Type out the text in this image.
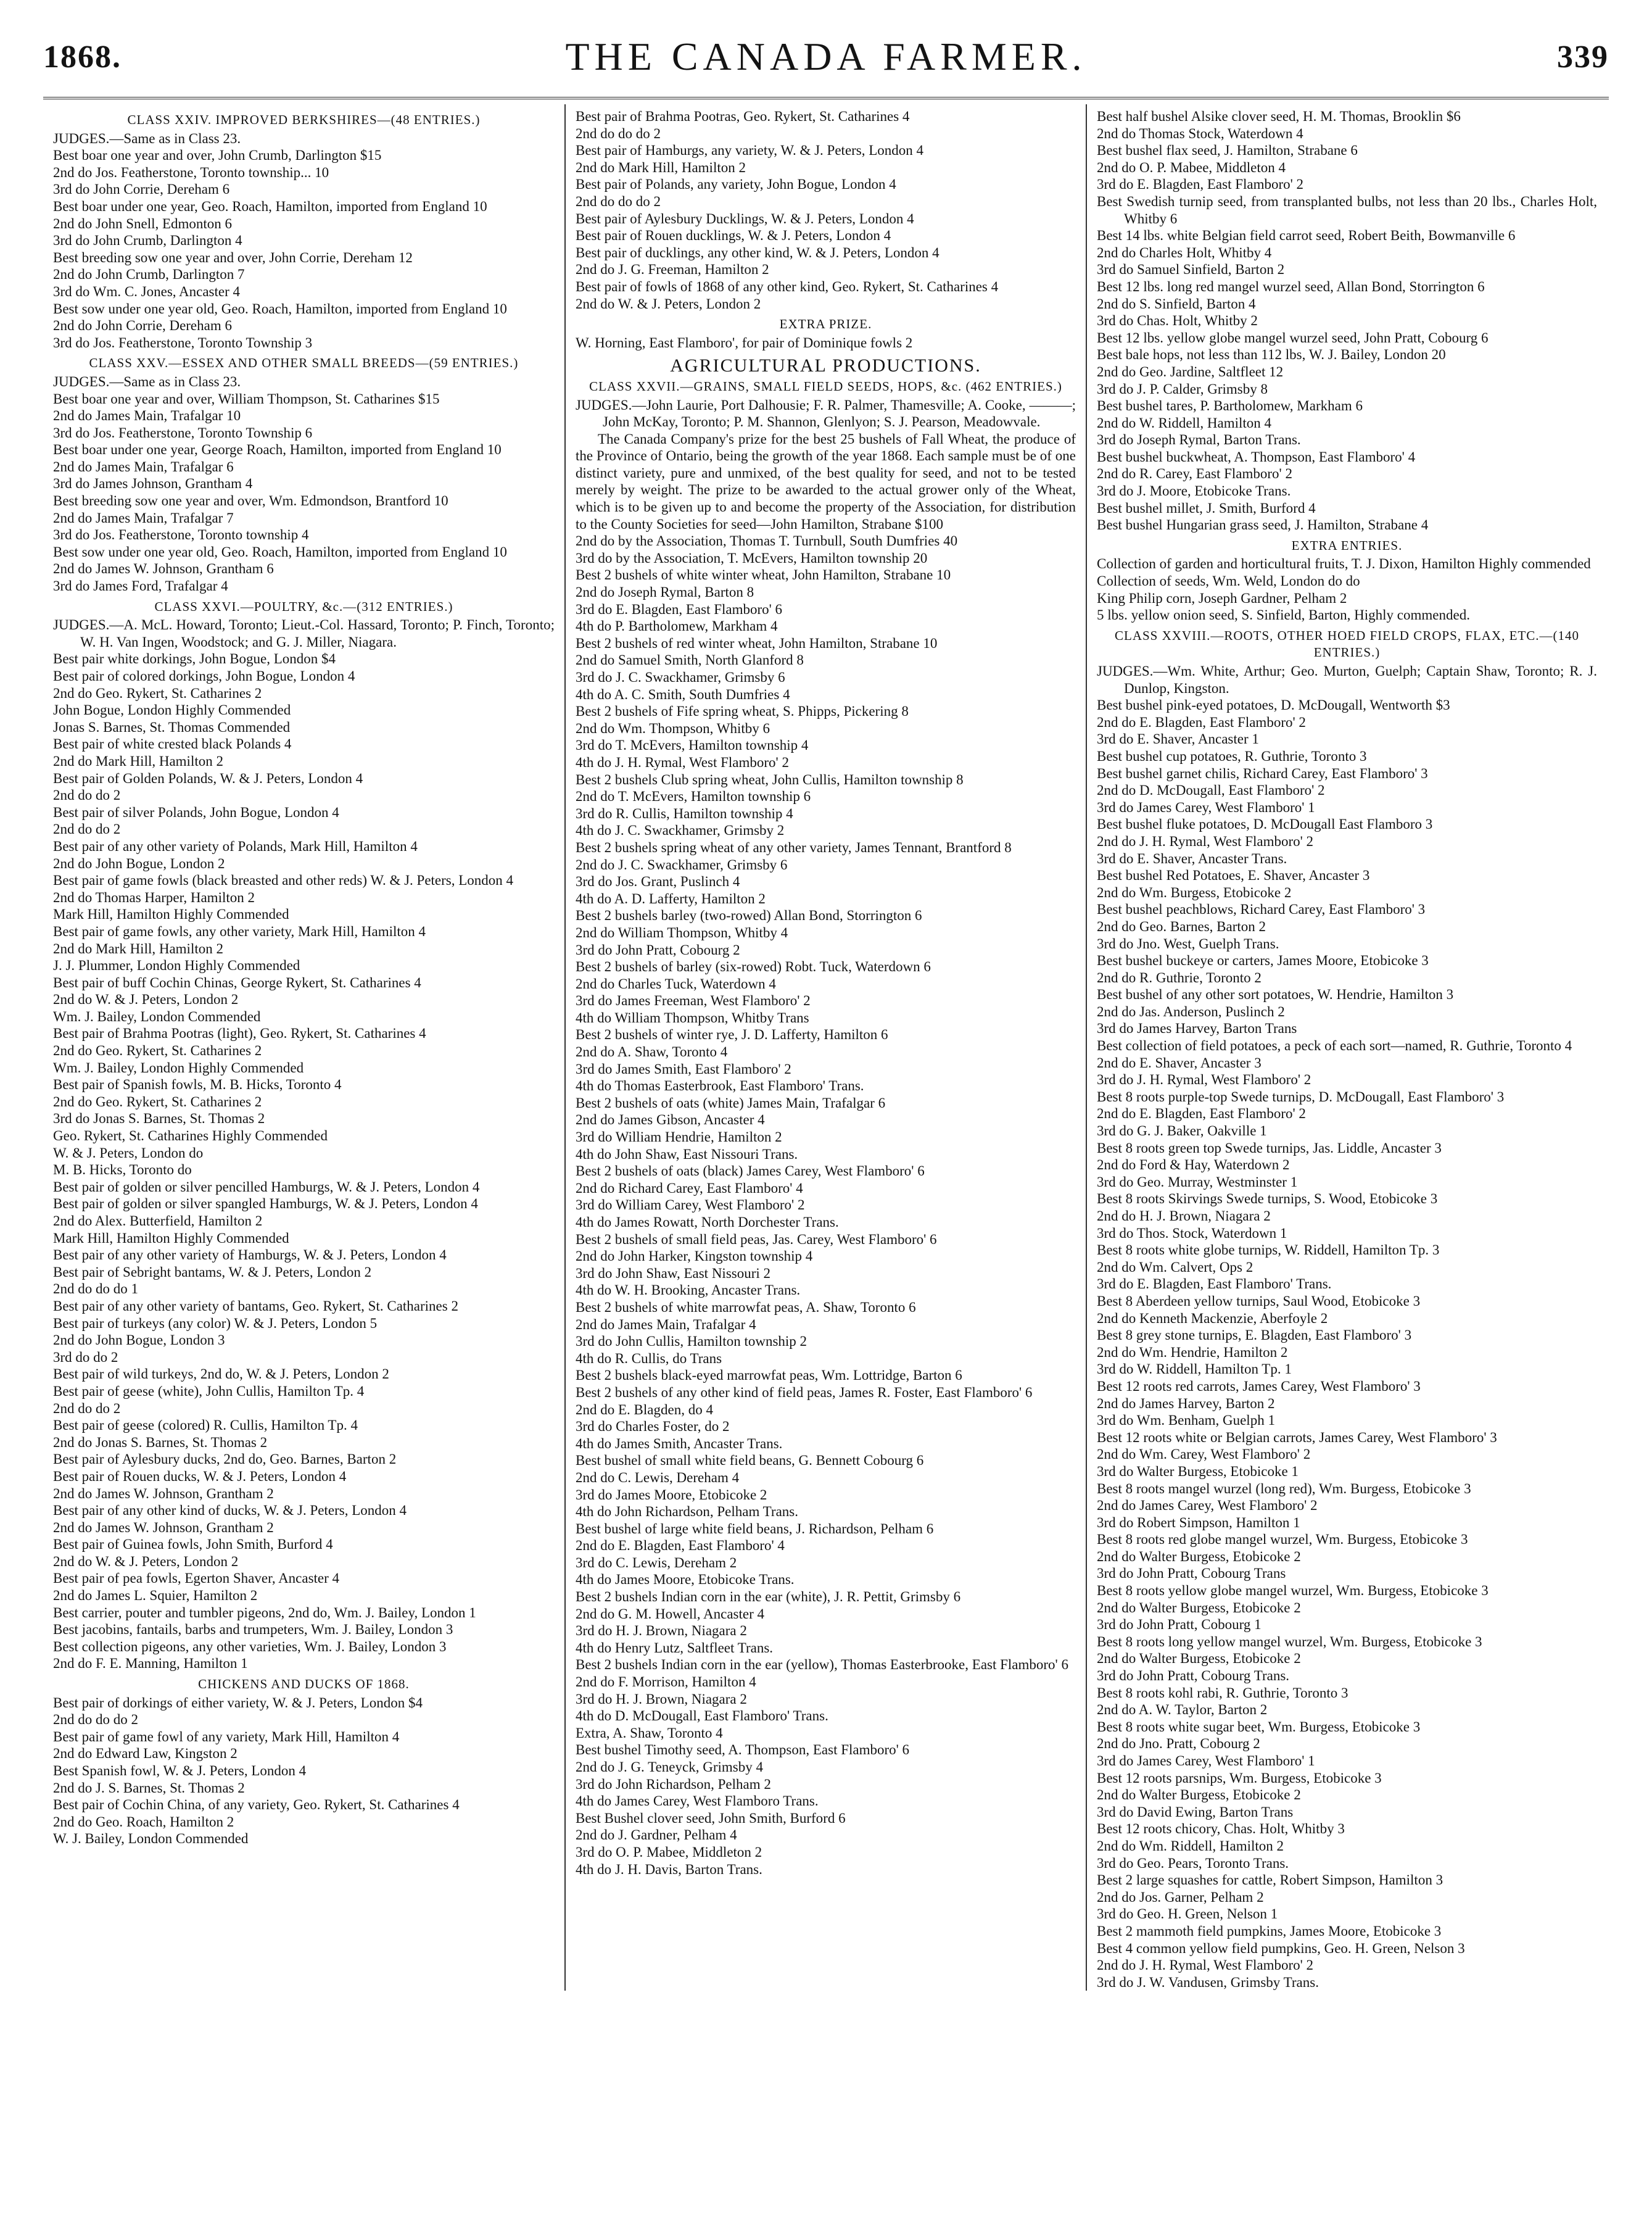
1868.	THE CANADA FARMER.	339

CLASS XXIV. IMPROVED BERKSHIRES—(48 ENTRIES.)

JUDGES.—Same as in Class 23.

Best boar one year and over, John Crumb, Darlington $15

2nd do Jos. Featherstone, Toronto township... 10

3rd do John Corrie, Dereham 6

Best boar under one year, Geo. Roach, Hamilton, imported from England 10

2nd do John Snell, Edmonton 6

3rd do John Crumb, Darlington 4

Best breeding sow one year and over, John Corrie, Dereham 12

2nd do John Crumb, Darlington 7

3rd do Wm. C. Jones, Ancaster 4

Best sow under one year old, Geo. Roach, Hamilton, imported from England 10

2nd do John Corrie, Dereham 6

3rd do Jos. Featherstone, Toronto Township 3

CLASS XXV.—ESSEX AND OTHER SMALL BREEDS—(59 ENTRIES.)

JUDGES.—Same as in Class 23.

Best boar one year and over, William Thompson, St. Catharines $15

2nd do James Main, Trafalgar 10

3rd do Jos. Featherstone, Toronto Township 6

Best boar under one year, George Roach, Hamilton, imported from England 10

2nd do James Main, Trafalgar 6

3rd do James Johnson, Grantham 4

Best breeding sow one year and over, Wm. Edmondson, Brantford 10

2nd do James Main, Trafalgar 7

3rd do Jos. Featherstone, Toronto township 4

Best sow under one year old, Geo. Roach, Hamilton, imported from England 10

2nd do James W. Johnson, Grantham 6

3rd do James Ford, Trafalgar 4

CLASS XXVI.—POULTRY, &c.—(312 ENTRIES.)

JUDGES.—A. McL. Howard, Toronto; Lieut.-Col. Hassard, Toronto; P. Finch, Toronto; W. H. Van Ingen, Woodstock; and G. J. Miller, Niagara.

Best pair white dorkings, John Bogue, London $4

Best pair of colored dorkings, John Bogue, London 4

2nd do Geo. Rykert, St. Catharines 2

John Bogue, London Highly Commended

Jonas S. Barnes, St. Thomas Commended

Best pair of white crested black Polands 4

2nd do Mark Hill, Hamilton 2

Best pair of Golden Polands, W. & J. Peters, London 4

2nd do do 2

Best pair of silver Polands, John Bogue, London 4

2nd do do 2

Best pair of any other variety of Polands, Mark Hill, Hamilton 4

2nd do John Bogue, London 2

Best pair of game fowls (black breasted and other reds) W. & J. Peters, London 4

2nd do Thomas Harper, Hamilton 2

Mark Hill, Hamilton Highly Commended

Best pair of game fowls, any other variety, Mark Hill, Hamilton 4

2nd do Mark Hill, Hamilton 2

J. J. Plummer, London Highly Commended

Best pair of buff Cochin Chinas, George Rykert, St. Catharines 4

2nd do W. & J. Peters, London 2

Wm. J. Bailey, London Commended

Best pair of Brahma Pootras (light), Geo. Rykert, St. Catharines 4

2nd do Geo. Rykert, St. Catharines 2

Wm. J. Bailey, London Highly Commended

Best pair of Spanish fowls, M. B. Hicks, Toronto 4

2nd do Geo. Rykert, St. Catharines 2

3rd do Jonas S. Barnes, St. Thomas 2

Geo. Rykert, St. Catharines Highly Commended

W. & J. Peters, London do

M. B. Hicks, Toronto do

Best pair of golden or silver pencilled Hamburgs, W. & J. Peters, London 4

Best pair of golden or silver spangled Hamburgs, W. & J. Peters, London 4

2nd do Alex. Butterfield, Hamilton 2

Mark Hill, Hamilton Highly Commended

Best pair of any other variety of Hamburgs, W. & J. Peters, London 4

Best pair of Sebright bantams, W. & J. Peters, London 2

2nd do do do 1

Best pair of any other variety of bantams, Geo. Rykert, St. Catharines 2

Best pair of turkeys (any color) W. & J. Peters, London 5

2nd do John Bogue, London 3

3rd do do 2

Best pair of wild turkeys, 2nd do, W. & J. Peters, London 2

Best pair of geese (white), John Cullis, Hamilton Tp. 4

2nd do do 2

Best pair of geese (colored) R. Cullis, Hamilton Tp. 4

2nd do Jonas S. Barnes, St. Thomas 2

Best pair of Aylesbury ducks, 2nd do, Geo. Barnes, Barton 2

Best pair of Rouen ducks, W. & J. Peters, London 4

2nd do James W. Johnson, Grantham 2

Best pair of any other kind of ducks, W. & J. Peters, London 4

2nd do James W. Johnson, Grantham 2

Best pair of Guinea fowls, John Smith, Burford 4

2nd do W. & J. Peters, London 2

Best pair of pea fowls, Egerton Shaver, Ancaster 4

2nd do James L. Squier, Hamilton 2

Best carrier, pouter and tumbler pigeons, 2nd do, Wm. J. Bailey, London 1

Best jacobins, fantails, barbs and trumpeters, Wm. J. Bailey, London 3

Best collection pigeons, any other varieties, Wm. J. Bailey, London 3

2nd do F. E. Manning, Hamilton 1

CHICKENS AND DUCKS OF 1868.

Best pair of dorkings of either variety, W. & J. Peters, London $4

2nd do do do 2

Best pair of game fowl of any variety, Mark Hill, Hamilton 4

2nd do Edward Law, Kingston 2

Best Spanish fowl, W. & J. Peters, London 4

2nd do J. S. Barnes, St. Thomas 2

Best pair of Cochin China, of any variety, Geo. Rykert, St. Catharines 4

2nd do Geo. Roach, Hamilton 2

W. J. Bailey, London Commended

Best pair of Brahma Pootras, Geo. Rykert, St. Catharines 4

2nd do do do 2

Best pair of Hamburgs, any variety, W. & J. Peters, London 4

2nd do Mark Hill, Hamilton 2

Best pair of Polands, any variety, John Bogue, London 4

2nd do do do 2

Best pair of Aylesbury Ducklings, W. & J. Peters, London 4

Best pair of Rouen ducklings, W. & J. Peters, London 4

Best pair of ducklings, any other kind, W. & J. Peters, London 4

2nd do J. G. Freeman, Hamilton 2

Best pair of fowls of 1868 of any other kind, Geo. Rykert, St. Catharines 4

2nd do W. & J. Peters, London 2

EXTRA PRIZE.

W. Horning, East Flamboro', for pair of Dominique fowls 2

AGRICULTURAL PRODUCTIONS.

CLASS XXVII.—GRAINS, SMALL FIELD SEEDS, HOPS, &c. (462 ENTRIES.)

JUDGES.—John Laurie, Port Dalhousie; F. R. Palmer, Thamesville; A. Cooke, ———; John McKay, Toronto; P. M. Shannon, Glenlyon; S. J. Pearson, Meadowvale.

The Canada Company's prize for the best 25 bushels of Fall Wheat, the produce of the Province of Ontario, being the growth of the year 1868. Each sample must be of one distinct variety, pure and unmixed, of the best quality for seed, and not to be tested merely by weight. The prize to be awarded to the actual grower only of the Wheat, which is to be given up to and become the property of the Association, for distribution to the County Societies for seed—John Hamilton, Strabane $100

2nd do by the Association, Thomas T. Turnbull, South Dumfries 40

3rd do by the Association, T. McEvers, Hamilton township 20

Best 2 bushels of white winter wheat, John Hamilton, Strabane 10

2nd do Joseph Rymal, Barton 8

3rd do E. Blagden, East Flamboro' 6

4th do P. Bartholomew, Markham 4

Best 2 bushels of red winter wheat, John Hamilton, Strabane 10

2nd do Samuel Smith, North Glanford 8

3rd do J. C. Swackhamer, Grimsby 6

4th do A. C. Smith, South Dumfries 4

Best 2 bushels of Fife spring wheat, S. Phipps, Pickering 8

2nd do Wm. Thompson, Whitby 6

3rd do T. McEvers, Hamilton township 4

4th do J. H. Rymal, West Flamboro' 2

Best 2 bushels Club spring wheat, John Cullis, Hamilton township 8

2nd do T. McEvers, Hamilton township 6

3rd do R. Cullis, Hamilton township 4

4th do J. C. Swackhamer, Grimsby 2

Best 2 bushels spring wheat of any other variety, James Tennant, Brantford 8

2nd do J. C. Swackhamer, Grimsby 6

3rd do Jos. Grant, Puslinch 4

4th do A. D. Lafferty, Hamilton 2

Best 2 bushels barley (two-rowed) Allan Bond, Storrington 6

2nd do William Thompson, Whitby 4

3rd do John Pratt, Cobourg 2

Best 2 bushels of barley (six-rowed) Robt. Tuck, Waterdown 6

2nd do Charles Tuck, Waterdown 4

3rd do James Freeman, West Flamboro' 2

4th do William Thompson, Whitby Trans

Best 2 bushels of winter rye, J. D. Lafferty, Hamilton 6

2nd do A. Shaw, Toronto 4

3rd do James Smith, East Flamboro' 2

4th do Thomas Easterbrook, East Flamboro' Trans.

Best 2 bushels of oats (white) James Main, Trafalgar 6

2nd do James Gibson, Ancaster 4

3rd do William Hendrie, Hamilton 2

4th do John Shaw, East Nissouri Trans.

Best 2 bushels of oats (black) James Carey, West Flamboro' 6

2nd do Richard Carey, East Flamboro' 4

3rd do William Carey, West Flamboro' 2

4th do James Rowatt, North Dorchester Trans.

Best 2 bushels of small field peas, Jas. Carey, West Flamboro' 6

2nd do John Harker, Kingston township 4

3rd do John Shaw, East Nissouri 2

4th do W. H. Brooking, Ancaster Trans.

Best 2 bushels of white marrowfat peas, A. Shaw, Toronto 6

2nd do James Main, Trafalgar 4

3rd do John Cullis, Hamilton township 2

4th do R. Cullis, do Trans

Best 2 bushels black-eyed marrowfat peas, Wm. Lottridge, Barton 6

Best 2 bushels of any other kind of field peas, James R. Foster, East Flamboro' 6

2nd do E. Blagden, do 4

3rd do Charles Foster, do 2

4th do James Smith, Ancaster Trans.

Best bushel of small white field beans, G. Bennett Cobourg 6

2nd do C. Lewis, Dereham 4

3rd do James Moore, Etobicoke 2

4th do John Richardson, Pelham Trans.

Best bushel of large white field beans, J. Richardson, Pelham 6

2nd do E. Blagden, East Flamboro' 4

3rd do C. Lewis, Dereham 2

4th do James Moore, Etobicoke Trans.

Best 2 bushels Indian corn in the ear (white), J. R. Pettit, Grimsby 6

2nd do G. M. Howell, Ancaster 4

3rd do H. J. Brown, Niagara 2

4th do Henry Lutz, Saltfleet Trans.

Best 2 bushels Indian corn in the ear (yellow), Thomas Easterbrooke, East Flamboro' 6

2nd do F. Morrison, Hamilton 4

3rd do H. J. Brown, Niagara 2

4th do D. McDougall, East Flamboro' Trans.

Extra, A. Shaw, Toronto 4

Best bushel Timothy seed, A. Thompson, East Flamboro' 6

2nd do J. G. Teneyck, Grimsby 4

3rd do John Richardson, Pelham 2

4th do James Carey, West Flamboro Trans.

Best Bushel clover seed, John Smith, Burford 6

2nd do J. Gardner, Pelham 4

3rd do O. P. Mabee, Middleton 2

4th do J. H. Davis, Barton Trans.

Best half bushel Alsike clover seed, H. M. Thomas, Brooklin $6

2nd do Thomas Stock, Waterdown 4

Best bushel flax seed, J. Hamilton, Strabane 6

2nd do O. P. Mabee, Middleton 4

3rd do E. Blagden, East Flamboro' 2

Best Swedish turnip seed, from transplanted bulbs, not less than 20 lbs., Charles Holt, Whitby 6

Best 14 lbs. white Belgian field carrot seed, Robert Beith, Bowmanville 6

2nd do Charles Holt, Whitby 4

3rd do Samuel Sinfield, Barton 2

Best 12 lbs. long red mangel wurzel seed, Allan Bond, Storrington 6

2nd do S. Sinfield, Barton 4

3rd do Chas. Holt, Whitby 2

Best 12 lbs. yellow globe mangel wurzel seed, John Pratt, Cobourg 6

Best bale hops, not less than 112 lbs, W. J. Bailey, London 20

2nd do Geo. Jardine, Saltfleet 12

3rd do J. P. Calder, Grimsby 8

Best bushel tares, P. Bartholomew, Markham 6

2nd do W. Riddell, Hamilton 4

3rd do Joseph Rymal, Barton Trans.

Best bushel buckwheat, A. Thompson, East Flamboro' 4

2nd do R. Carey, East Flamboro' 2

3rd do J. Moore, Etobicoke Trans.

Best bushel millet, J. Smith, Burford 4

Best bushel Hungarian grass seed, J. Hamilton, Strabane 4

EXTRA ENTRIES.

Collection of garden and horticultural fruits, T. J. Dixon, Hamilton Highly commended

Collection of seeds, Wm. Weld, London do do

King Philip corn, Joseph Gardner, Pelham 2

5 lbs. yellow onion seed, S. Sinfield, Barton, Highly commended.

CLASS XXVIII.—ROOTS, OTHER HOED FIELD CROPS, FLAX, ETC.—(140 ENTRIES.)

JUDGES.—Wm. White, Arthur; Geo. Murton, Guelph; Captain Shaw, Toronto; R. J. Dunlop, Kingston.

Best bushel pink-eyed potatoes, D. McDougall, Wentworth $3

2nd do E. Blagden, East Flamboro' 2

3rd do E. Shaver, Ancaster 1

Best bushel cup potatoes, R. Guthrie, Toronto 3

Best bushel garnet chilis, Richard Carey, East Flamboro' 3

2nd do D. McDougall, East Flamboro' 2

3rd do James Carey, West Flamboro' 1

Best bushel fluke potatoes, D. McDougall East Flamboro 3

2nd do J. H. Rymal, West Flamboro' 2

3rd do E. Shaver, Ancaster Trans.

Best bushel Red Potatoes, E. Shaver, Ancaster 3

2nd do Wm. Burgess, Etobicoke 2

Best bushel peachblows, Richard Carey, East Flamboro' 3

2nd do Geo. Barnes, Barton 2

3rd do Jno. West, Guelph Trans.

Best bushel buckeye or carters, James Moore, Etobicoke 3

2nd do R. Guthrie, Toronto 2

Best bushel of any other sort potatoes, W. Hendrie, Hamilton 3

2nd do Jas. Anderson, Puslinch 2

3rd do James Harvey, Barton Trans

Best collection of field potatoes, a peck of each sort—named, R. Guthrie, Toronto 4

2nd do E. Shaver, Ancaster 3

3rd do J. H. Rymal, West Flamboro' 2

Best 8 roots purple-top Swede turnips, D. McDougall, East Flamboro' 3

2nd do E. Blagden, East Flamboro' 2

3rd do G. J. Baker, Oakville 1

Best 8 roots green top Swede turnips, Jas. Liddle, Ancaster 3

2nd do Ford & Hay, Waterdown 2

3rd do Geo. Murray, Westminster 1

Best 8 roots Skirvings Swede turnips, S. Wood, Etobicoke 3

2nd do H. J. Brown, Niagara 2

3rd do Thos. Stock, Waterdown 1

Best 8 roots white globe turnips, W. Riddell, Hamilton Tp. 3

2nd do Wm. Calvert, Ops 2

3rd do E. Blagden, East Flamboro' Trans.

Best 8 Aberdeen yellow turnips, Saul Wood, Etobicoke 3

2nd do Kenneth Mackenzie, Aberfoyle 2

Best 8 grey stone turnips, E. Blagden, East Flamboro' 3

2nd do Wm. Hendrie, Hamilton 2

3rd do W. Riddell, Hamilton Tp. 1

Best 12 roots red carrots, James Carey, West Flamboro' 3

2nd do James Harvey, Barton 2

3rd do Wm. Benham, Guelph 1

Best 12 roots white or Belgian carrots, James Carey, West Flamboro' 3

2nd do Wm. Carey, West Flamboro' 2

3rd do Walter Burgess, Etobicoke 1

Best 8 roots mangel wurzel (long red), Wm. Burgess, Etobicoke 3

2nd do James Carey, West Flamboro' 2

3rd do Robert Simpson, Hamilton 1

Best 8 roots red globe mangel wurzel, Wm. Burgess, Etobicoke 3

2nd do Walter Burgess, Etobicoke 2

3rd do John Pratt, Cobourg Trans

Best 8 roots yellow globe mangel wurzel, Wm. Burgess, Etobicoke 3

2nd do Walter Burgess, Etobicoke 2

3rd do John Pratt, Cobourg 1

Best 8 roots long yellow mangel wurzel, Wm. Burgess, Etobicoke 3

2nd do Walter Burgess, Etobicoke 2

3rd do John Pratt, Cobourg Trans.

Best 8 roots kohl rabi, R. Guthrie, Toronto 3

2nd do A. W. Taylor, Barton 2

Best 8 roots white sugar beet, Wm. Burgess, Etobicoke 3

2nd do Jno. Pratt, Cobourg 2

3rd do James Carey, West Flamboro' 1

Best 12 roots parsnips, Wm. Burgess, Etobicoke 3

2nd do Walter Burgess, Etobicoke 2

3rd do David Ewing, Barton Trans

Best 12 roots chicory, Chas. Holt, Whitby 3

2nd do Wm. Riddell, Hamilton 2

3rd do Geo. Pears, Toronto Trans.

Best 2 large squashes for cattle, Robert Simpson, Hamilton 3

2nd do Jos. Garner, Pelham 2

3rd do Geo. H. Green, Nelson 1

Best 2 mammoth field pumpkins, James Moore, Etobicoke 3

Best 4 common yellow field pumpkins, Geo. H. Green, Nelson 3

2nd do J. H. Rymal, West Flamboro' 2

3rd do J. W. Vandusen, Grimsby Trans.
